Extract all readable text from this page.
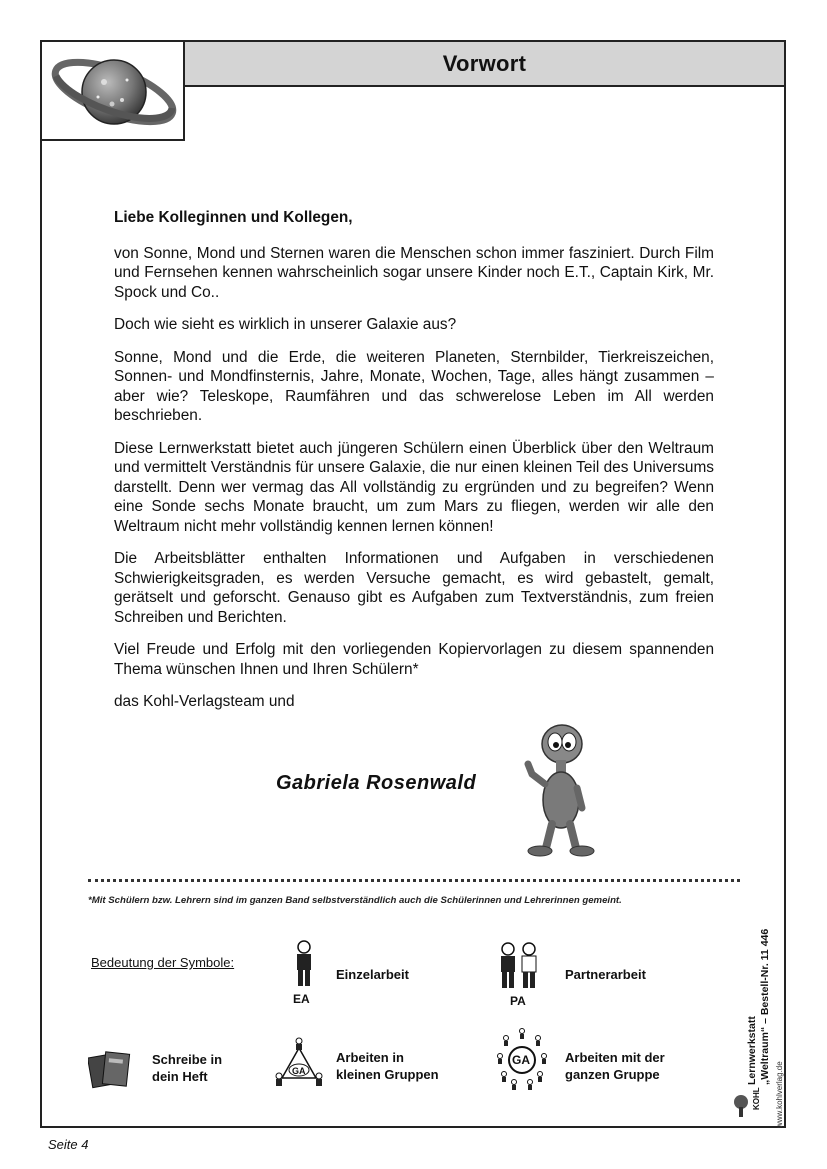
Vorwort

Liebe Kolleginnen und Kollegen,

von Sonne, Mond und Sternen waren die Menschen schon immer fasziniert. Durch Film und Fernsehen kennen wahrscheinlich sogar unsere Kinder noch E.T., Captain Kirk, Mr. Spock und Co..

Doch wie sieht es wirklich in unserer Galaxie aus?

Sonne, Mond und die Erde, die weiteren Planeten, Sternbilder, Tierkreiszeichen, Sonnen- und Mondfinsternis, Jahre, Monate, Wochen, Tage, alles hängt zusammen – aber wie? Teleskope, Raumfähren und das schwerelose Leben im All werden beschrieben.

Diese Lernwerkstatt bietet auch jüngeren Schülern einen Überblick über den Weltraum und vermittelt Verständnis für unsere Galaxie, die nur einen kleinen Teil des Universums darstellt. Denn wer vermag das All vollständig zu ergründen und zu begreifen? Wenn eine Sonde sechs Monate braucht, um zum Mars zu fliegen, werden wir alle den Weltraum nicht mehr vollständig kennen lernen können!

Die Arbeitsblätter enthalten Informationen und Aufgaben in verschiedenen Schwierigkeitsgraden, es werden Versuche gemacht, es wird gebastelt, gemalt, gerätselt und geforscht. Genauso gibt es Aufgaben zum Textverständnis, zum freien Schreiben und Berichten.

Viel Freude und Erfolg mit den vorliegenden Kopiervorlagen zu diesem spannenden Thema wünschen Ihnen und Ihren Schülern*

das Kohl-Verlagsteam und

Gabriela Rosenwald
*Mit Schülern bzw. Lehrern sind im ganzen Band selbstverständlich auch die Schülerinnen und Lehrerinnen gemeint.
Bedeutung der Symbole:
EA
Einzelarbeit
PA
Partnerarbeit
Schreibe in
dein Heft	GA
Arbeiten in
kleinen Gruppen
GA	Arbeiten mit der
ganzen Gruppe	Lernwerkstatt „Weltraum“ – Bestell-Nr. 11 446
KOHL www.kohlverlag.de
Seite 4
